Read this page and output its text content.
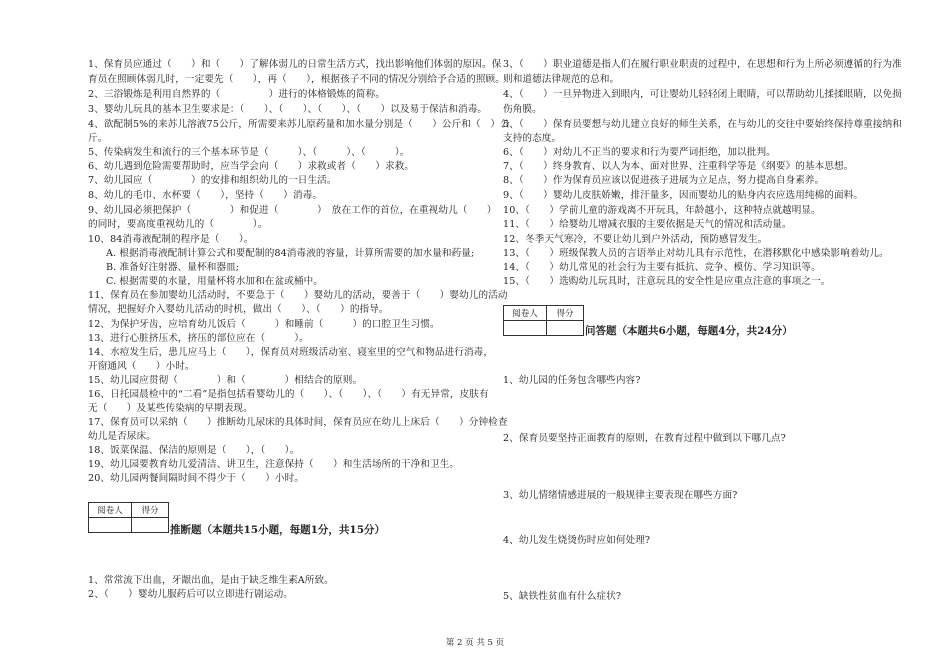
1、保育员应通过（　　）和（　　）了解体弱儿的日常生活方式，找出影响他们体弱的原因。保
育员在照顾体弱儿时，一定要先（　　），再（　　），根据孩子不同的情况分别给予合适的照顾。
2、三浴锻炼是利用自然界的（　　　　　）进行的体格锻炼的简称。
3、婴幼儿玩具的基本卫生要求是：（　　）、（　　）、（　　）、（　　）以及易于保洁和消毒。
4、欲配制5%的来苏儿溶液75公斤，所需要来苏儿原药量和加水量分别是（　　）公斤和（　）公
斤。
5、传染病发生和流行的三个基本环节是（　　　）、（　　　）、（　　　）。
6、幼儿遇到危险需要帮助时，应当学会向（　　）求救或者（　　）求救。
7、幼儿园应（　　　　）的安排和组织幼儿的一日生活。
8、幼儿的毛巾、水杯要（　　），坚持（　　）消毒。
9、幼儿园必须把保护（　　　　）和促进（　　　　）　放在工作的首位，在重视幼儿（　　）
的同时，要高度重视幼儿的（　　　　）。
10、84消毒液配制的程序是（　　）。
A. 根据消毒液配制计算公式和要配制的84消毒液的容量，计算所需要的加水量和药量;
B. 准备好注射器、量杯和器皿;
C. 根据需要的水量，用量杯将水加和在盆或桶中。
11、保育员在参加婴幼儿活动时，不要急于（　　）婴幼儿的活动，要善于（　　）婴幼儿的活动
情况，把握好介入婴幼儿活动的时机，做出（　　）、（　　）的指导。
12、为保护牙齿，应培育幼儿饭后（　　　）和睡前（　　　）的口腔卫生习惯。
13、进行心脏挤压术，挤压的部位应在（　　　）。
14、水痘发生后，患儿应马上（　　），保育员对班级活动室、寝室里的空气和物品进行消毒，
开窗通风（　　）小时。
15、幼儿园应贯彻（　　　　）和（　　　　）相结合的原则。
16、日托园晨检中的“二看”是指包括看婴幼儿的（　　）、（　　）、（　　）有无异常，皮肤有
无（　　）及某些传染病的早期表现。
17、保育员可以采纳（　　）推断幼儿尿床的具体时间，保育员应在幼儿上床后（　　）分钟检查
幼儿是否尿床。
18、饭菜保温、保洁的原则是（　　），（　　）。
19、幼儿园要教育幼儿爱清洁、讲卫生，注意保持（　　）和生活场所的干净和卫生。
20、幼儿园两餐间隔时间不得少于（　　）小时。
阅卷人	得分

推断题（本题共15小题，每题1分，共15分）
1、常常流下出血，牙龈出血，是由于缺乏维生素A所致。
2、（　　）婴幼儿服药后可以立即进行剧运动。
3、（　　）职业道德是指人们在履行职业职责的过程中，在思想和行为上所必须遵循的行为准
则和道德法律规范的总和。
4、（　　）一旦异物进入到眼内，可让婴幼儿轻轻闭上眼睛，可以帮助幼儿揉揉眼睛，以免损
伤角膜。
5、（　　）保育员要想与幼儿建立良好的师生关系，在与幼儿的交往中要始终保持尊重接纳和
支持的态度。
6、（　　）对幼儿不正当的要求和行为要严词拒绝，加以批判。
7、（　　）终身教育、以人为本、面对世界、注重科学等是《纲要》的基本思想。
8、（　　）作为保育员应该以促进孩子进展为立足点，努力提高自身素养。
9、（　　）婴幼儿皮肤娇嫩，排汗量多，因而婴幼儿的贴身内衣应选用纯棉的面料。
10、（　　）学前儿童的游戏离不开玩具，年龄越小，这种特点就越明显。
11、（　　）给婴幼儿增减衣服的主要依据是天气的情况和活动量。
12、冬季天气寒冷，不要让幼儿到户外活动，预防感冒发生。
13、（　　）班级保教人员的言语举止对幼儿具有示范性，在潜移默化中感染影响着幼儿。
14、（　　）幼儿常见的社会行为主要有抵抗、竞争、模仿、学习知识等。
15、（　　）选购幼儿玩具时，注意玩具的安全性是应重点注意的事项之一。
阅卷人	得分

问答题（本题共6小题，每题4分，共24分）
1、幼儿园的任务包含哪些内容?
2、保育员要坚持正面教育的原则，在教育过程中做到以下哪几点?
3、幼儿情绪情感进展的一般规律主要表现在哪些方面?
4、幼儿发生烧烫伤时应如何处理?
5、缺铁性贫血有什么症状?
第 2 页 共 5 页
